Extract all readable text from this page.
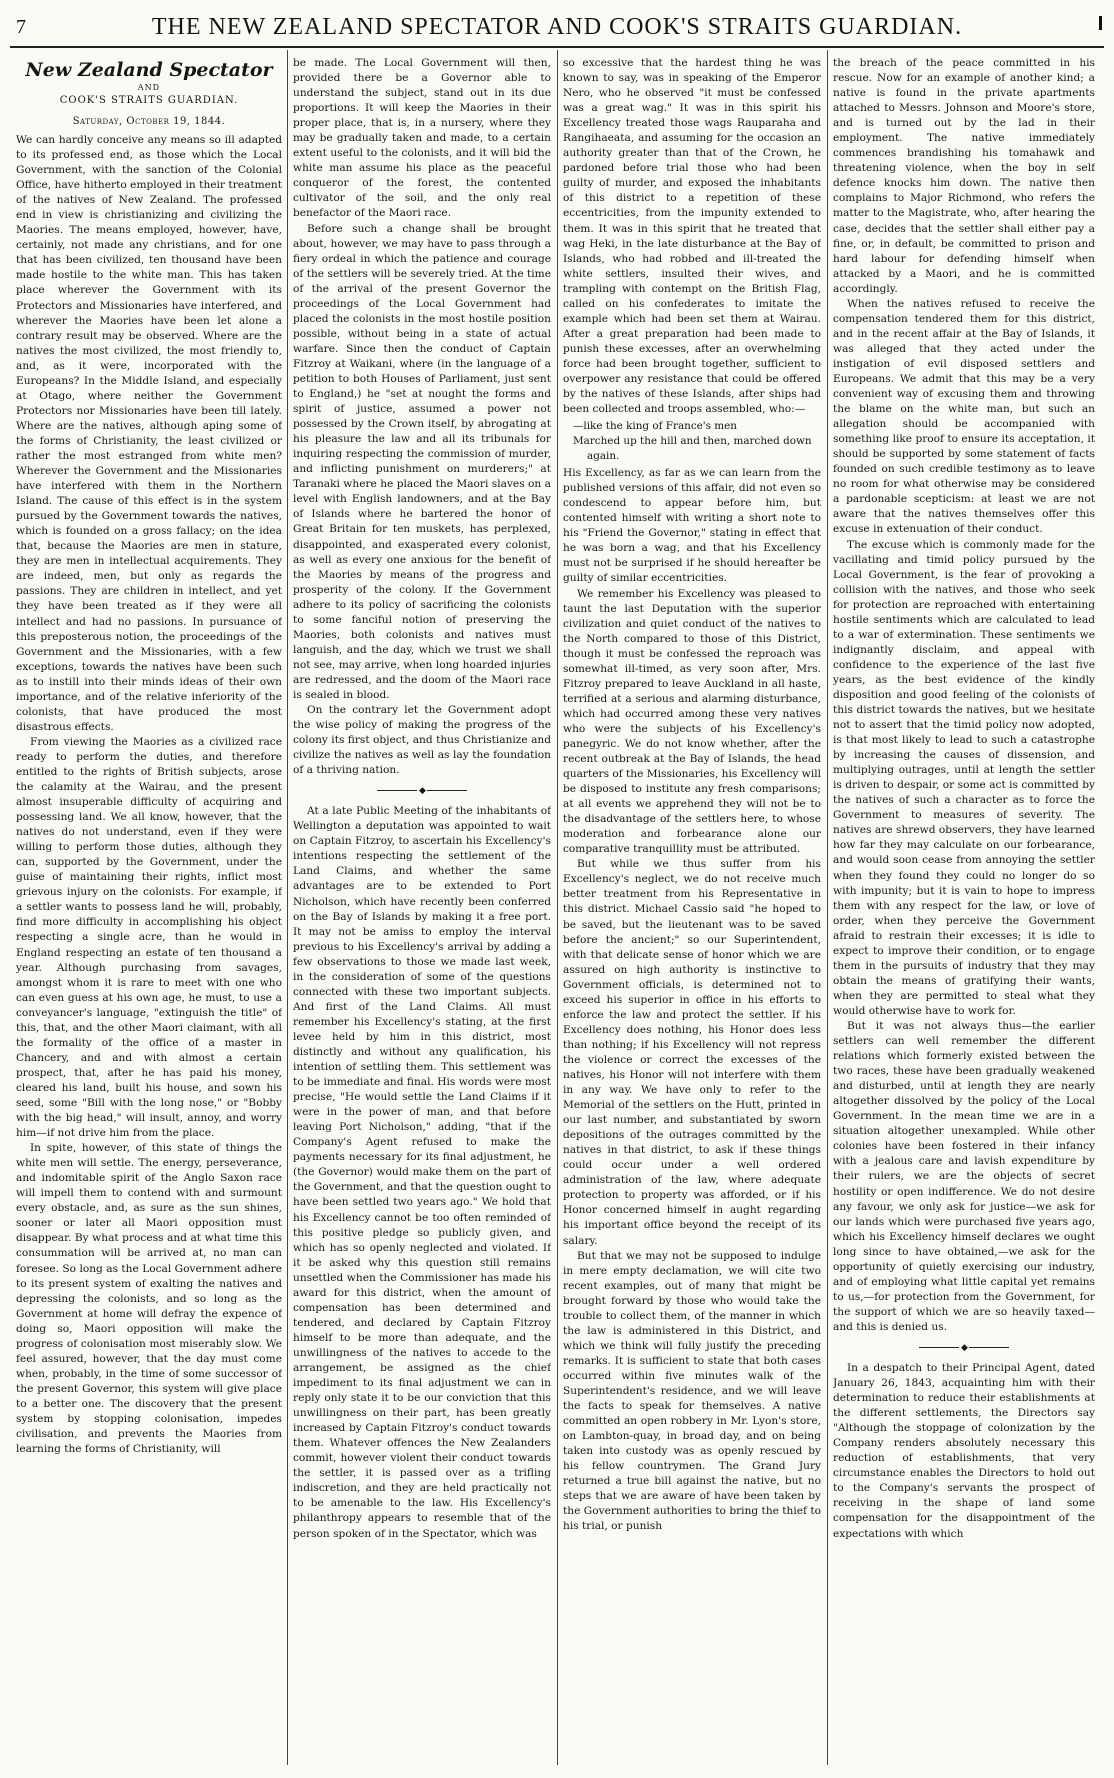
7	THE NEW ZEALAND SPECTATOR AND COOK'S STRAITS GUARDIAN.
New Zealand Spectator
AND
COOK'S STRAITS GUARDIAN.
Saturday, October 19, 1844.

We can hardly conceive any means so ill adapted to its professed end, as those which the Local Government, with the sanction of the Colonial Office, have hitherto employed in their treatment of the natives of New Zealand. The professed end in view is christianizing and civilizing the Maories. The means employed, however, have, certainly, not made any christians, and for one that has been civilized, ten thousand have been made hostile to the white man. This has taken place wherever the Government with its Protectors and Missionaries have interfered, and wherever the Maories have been let alone a contrary result may be observed. Where are the natives the most civilized, the most friendly to, and, as it were, incorporated with the Europeans? In the Middle Island, and especially at Otago, where neither the Government Protectors nor Missionaries have been till lately. Where are the natives, although aping some of the forms of Christianity, the least civilized or rather the most estranged from white men? Wherever the Government and the Missionaries have interfered with them in the Northern Island. The cause of this effect is in the system pursued by the Government towards the natives, which is founded on a gross fallacy; on the idea that, because the Maories are men in stature, they are men in intellectual acquirements. They are indeed, men, but only as regards the passions. They are children in intellect, and yet they have been treated as if they were all intellect and had no passions. In pursuance of this preposterous notion, the proceedings of the Government and the Missionaries, with a few exceptions, towards the natives have been such as to instill into their minds ideas of their own importance, and of the relative inferiority of the colonists, that have produced the most disastrous effects.

From viewing the Maories as a civilized race ready to perform the duties, and therefore entitled to the rights of British subjects, arose the calamity at the Wairau, and the present almost insuperable difficulty of acquiring and possessing land. We all know, however, that the natives do not understand, even if they were willing to perform those duties, although they can, supported by the Government, under the guise of maintaining their rights, inflict most grievous injury on the colonists. For example, if a settler wants to possess land he will, probably, find more difficulty in accomplishing his object respecting a single acre, than he would in England respecting an estate of ten thousand a year. Although purchasing from savages, amongst whom it is rare to meet with one who can even guess at his own age, he must, to use a conveyancer's language, "extinguish the title" of this, that, and the other Maori claimant, with all the formality of the office of a master in Chancery, and and with almost a certain prospect, that, after he has paid his money, cleared his land, built his house, and sown his seed, some "Bill with the long nose," or "Bobby with the big head," will insult, annoy, and worry him—if not drive him from the place.

In spite, however, of this state of things the white men will settle. The energy, perseverance, and indomitable spirit of the Anglo Saxon race will impell them to contend with and surmount every obstacle, and, as sure as the sun shines, sooner or later all Maori opposition must disappear. By what process and at what time this consummation will be arrived at, no man can foresee. So long as the Local Government adhere to its present system of exalting the natives and depressing the colonists, and so long as the Government at home will defray the expence of doing so, Maori opposition will make the progress of colonisation most miserably slow. We feel assured, however, that the day must come when, probably, in the time of some successor of the present Governor, this system will give place to a better one. The discovery that the present system by stopping colonisation, impedes civilisation, and prevents the Maories from learning the forms of Christianity, will

be made. The Local Government will then, provided there be a Governor able to understand the subject, stand out in its due proportions. It will keep the Maories in their proper place, that is, in a nursery, where they may be gradually taken and made, to a certain extent useful to the colonists, and it will bid the white man assume his place as the peaceful conqueror of the forest, the contented cultivator of the soil, and the only real benefactor of the Maori race.

Before such a change shall be brought about, however, we may have to pass through a fiery ordeal in which the patience and courage of the settlers will be severely tried. At the time of the arrival of the present Governor the proceedings of the Local Government had placed the colonists in the most hostile position possible, without being in a state of actual warfare. Since then the conduct of Captain Fitzroy at Waikani, where (in the language of a petition to both Houses of Parliament, just sent to England,) he "set at nought the forms and spirit of justice, assumed a power not possessed by the Crown itself, by abrogating at his pleasure the law and all its tribunals for inquiring respecting the commission of murder, and inflicting punishment on murderers;" at Taranaki where he placed the Maori slaves on a level with English landowners, and at the Bay of Islands where he bartered the honor of Great Britain for ten muskets, has perplexed, disappointed, and exasperated every colonist, as well as every one anxious for the benefit of the Maories by means of the progress and prosperity of the colony. If the Government adhere to its policy of sacrificing the colonists to some fanciful notion of preserving the Maories, both colonists and natives must languish, and the day, which we trust we shall not see, may arrive, when long hoarded injuries are redressed, and the doom of the Maori race is sealed in blood.

On the contrary let the Government adopt the wise policy of making the progress of the colony its first object, and thus Christianize and civilize the natives as well as lay the foundation of a thriving nation.

◆

At a late Public Meeting of the inhabitants of Wellington a deputation was appointed to wait on Captain Fitzroy, to ascertain his Excellency's intentions respecting the settlement of the Land Claims, and whether the same advantages are to be extended to Port Nicholson, which have recently been conferred on the Bay of Islands by making it a free port. It may not be amiss to employ the interval previous to his Excellency's arrival by adding a few observations to those we made last week, in the consideration of some of the questions connected with these two important subjects. And first of the Land Claims. All must remember his Excellency's stating, at the first levee held by him in this district, most distinctly and without any qualification, his intention of settling them. This settlement was to be immediate and final. His words were most precise, "He would settle the Land Claims if it were in the power of man, and that before leaving Port Nicholson," adding, "that if the Company's Agent refused to make the payments necessary for its final adjustment, he (the Governor) would make them on the part of the Government, and that the question ought to have been settled two years ago." We hold that his Excellency cannot be too often reminded of this positive pledge so publicly given, and which has so openly neglected and violated. If it be asked why this question still remains unsettled when the Commissioner has made his award for this district, when the amount of compensation has been determined and tendered, and declared by Captain Fitzroy himself to be more than adequate, and the unwillingness of the natives to accede to the arrangement, be assigned as the chief impediment to its final adjustment we can in reply only state it to be our conviction that this unwillingness on their part, has been greatly increased by Captain Fitzroy's conduct towards them. Whatever offences the New Zealanders commit, however violent their conduct towards the settler, it is passed over as a trifling indiscretion, and they are held practically not to be amenable to the law. His Excellency's philanthropy appears to resemble that of the person spoken of in the Spectator, which was

so excessive that the hardest thing he was known to say, was in speaking of the Emperor Nero, who he observed "it must be confessed was a great wag." It was in this spirit his Excellency treated those wags Rauparaha and Rangihaeata, and assuming for the occasion an authority greater than that of the Crown, he pardoned before trial those who had been guilty of murder, and exposed the inhabitants of this district to a repetition of these eccentricities, from the impunity extended to them. It was in this spirit that he treated that wag Heki, in the late disturbance at the Bay of Islands, who had robbed and ill-treated the white settlers, insulted their wives, and trampling with contempt on the British Flag, called on his confederates to imitate the example which had been set them at Wairau. After a great preparation had been made to punish these excesses, after an overwhelming force had been brought together, sufficient to overpower any resistance that could be offered by the natives of these Islands, after ships had been collected and troops assembled, who:—

—like the king of France's men
Marched up the hill and then, marched down
again.

His Excellency, as far as we can learn from the published versions of this affair, did not even so condescend to appear before him, but contented himself with writing a short note to his "Friend the Governor," stating in effect that he was born a wag, and that his Excellency must not be surprised if he should hereafter be guilty of similar eccentricities.

We remember his Excellency was pleased to taunt the last Deputation with the superior civilization and quiet conduct of the natives to the North compared to those of this District, though it must be confessed the reproach was somewhat ill-timed, as very soon after, Mrs. Fitzroy prepared to leave Auckland in all haste, terrified at a serious and alarming disturbance, which had occurred among these very natives who were the subjects of his Excellency's panegyric. We do not know whether, after the recent outbreak at the Bay of Islands, the head quarters of the Missionaries, his Excellency will be disposed to institute any fresh comparisons; at all events we apprehend they will not be to the disadvantage of the settlers here, to whose moderation and forbearance alone our comparative tranquillity must be attributed.

But while we thus suffer from his Excellency's neglect, we do not receive much better treatment from his Representative in this district. Michael Cassio said "he hoped to be saved, but the lieutenant was to be saved before the ancient;" so our Superintendent, with that delicate sense of honor which we are assured on high authority is instinctive to Government officials, is determined not to exceed his superior in office in his efforts to enforce the law and protect the settler. If his Excellency does nothing, his Honor does less than nothing; if his Excellency will not repress the violence or correct the excesses of the natives, his Honor will not interfere with them in any way. We have only to refer to the Memorial of the settlers on the Hutt, printed in our last number, and substantiated by sworn depositions of the outrages committed by the natives in that district, to ask if these things could occur under a well ordered administration of the law, where adequate protection to property was afforded, or if his Honor concerned himself in aught regarding his important office beyond the receipt of its salary.

But that we may not be supposed to indulge in mere empty declamation, we will cite two recent examples, out of many that might be brought forward by those who would take the trouble to collect them, of the manner in which the law is administered in this District, and which we think will fully justify the preceding remarks. It is sufficient to state that both cases occurred within five minutes walk of the Superintendent's residence, and we will leave the facts to speak for themselves. A native committed an open robbery in Mr. Lyon's store, on Lambton-quay, in broad day, and on being taken into custody was as openly rescued by his fellow countrymen. The Grand Jury returned a true bill against the native, but no steps that we are aware of have been taken by the Government authorities to bring the thief to his trial, or punish

the breach of the peace committed in his rescue. Now for an example of another kind; a native is found in the private apartments attached to Messrs. Johnson and Moore's store, and is turned out by the lad in their employment. The native immediately commences brandishing his tomahawk and threatening violence, when the boy in self defence knocks him down. The native then complains to Major Richmond, who refers the matter to the Magistrate, who, after hearing the case, decides that the settler shall either pay a fine, or, in default, be committed to prison and hard labour for defending himself when attacked by a Maori, and he is committed accordingly.

When the natives refused to receive the compensation tendered them for this district, and in the recent affair at the Bay of Islands, it was alleged that they acted under the instigation of evil disposed settlers and Europeans. We admit that this may be a very convenient way of excusing them and throwing the blame on the white man, but such an allegation should be accompanied with something like proof to ensure its acceptation, it should be supported by some statement of facts founded on such credible testimony as to leave no room for what otherwise may be considered a pardonable scepticism: at least we are not aware that the natives themselves offer this excuse in extenuation of their conduct.

The excuse which is commonly made for the vacillating and timid policy pursued by the Local Government, is the fear of provoking a collision with the natives, and those who seek for protection are reproached with entertaining hostile sentiments which are calculated to lead to a war of extermination. These sentiments we indignantly disclaim, and appeal with confidence to the experience of the last five years, as the best evidence of the kindly disposition and good feeling of the colonists of this district towards the natives, but we hesitate not to assert that the timid policy now adopted, is that most likely to lead to such a catastrophe by increasing the causes of dissension, and multiplying outrages, until at length the settler is driven to despair, or some act is committed by the natives of such a character as to force the Government to measures of severity. The natives are shrewd observers, they have learned how far they may calculate on our forbearance, and would soon cease from annoying the settler when they found they could no longer do so with impunity; but it is vain to hope to impress them with any respect for the law, or love of order, when they perceive the Government afraid to restrain their excesses; it is idle to expect to improve their condition, or to engage them in the pursuits of industry that they may obtain the means of gratifying their wants, when they are permitted to steal what they would otherwise have to work for.

But it was not always thus—the earlier settlers can well remember the different relations which formerly existed between the two races, these have been gradually weakened and disturbed, until at length they are nearly altogether dissolved by the policy of the Local Government. In the mean time we are in a situation altogether unexampled. While other colonies have been fostered in their infancy with a jealous care and lavish expenditure by their rulers, we are the objects of secret hostility or open indifference. We do not desire any favour, we only ask for justice—we ask for our lands which were purchased five years ago, which his Excellency himself declares we ought long since to have obtained,—we ask for the opportunity of quietly exercising our industry, and of employing what little capital yet remains to us,—for protection from the Government, for the support of which we are so heavily taxed—and this is denied us.

◆

In a despatch to their Principal Agent, dated January 26, 1843, acquainting him with their determination to reduce their establishments at the different settlements, the Directors say "Although the stoppage of colonization by the Company renders absolutely necessary this reduction of establishments, that very circumstance enables the Directors to hold out to the Company's servants the prospect of receiving in the shape of land some compensation for the disappointment of the expectations with which
